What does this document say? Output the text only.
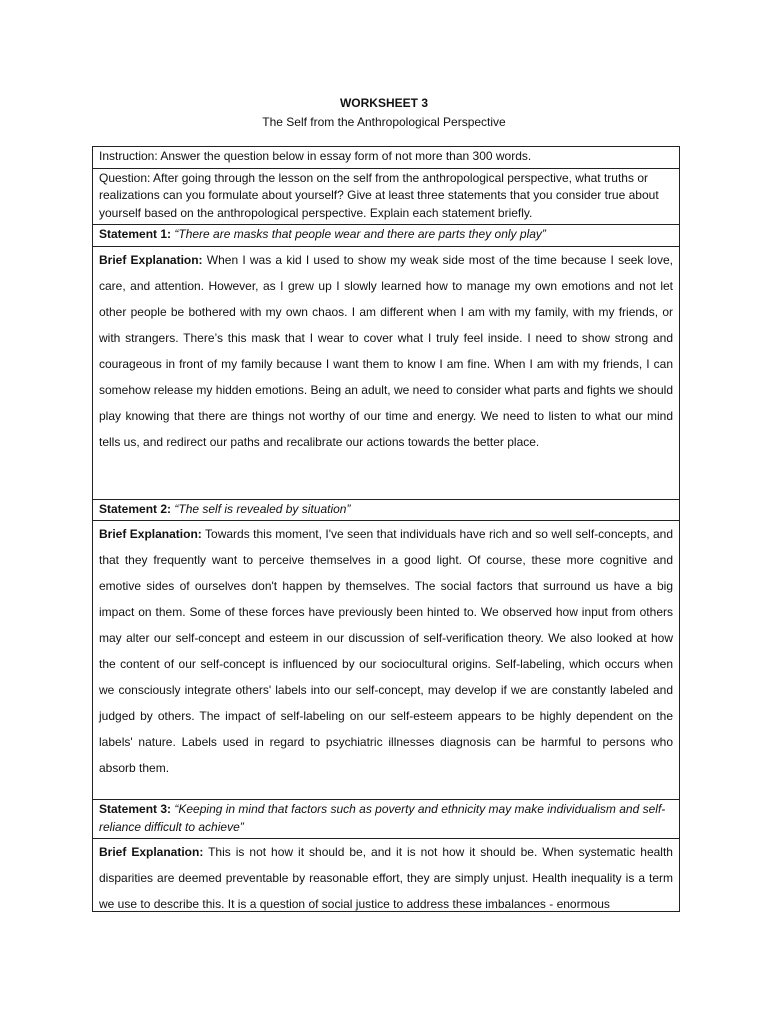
WORKSHEET 3
The Self from the Anthropological Perspective
Instruction: Answer the question below in essay form of not more than 300 words.
Question: After going through the lesson on the self from the anthropological perspective, what truths or realizations can you formulate about yourself? Give at least three statements that you consider true about yourself based on the anthropological perspective. Explain each statement briefly.
Statement 1: “There are masks that people wear and there are parts they only play”
Brief Explanation: When I was a kid I used to show my weak side most of the time because I seek love, care, and attention. However, as I grew up I slowly learned how to manage my own emotions and not let other people be bothered with my own chaos. I am different when I am with my family, with my friends, or with strangers. There’s this mask that I wear to cover what I truly feel inside. I need to show strong and courageous in front of my family because I want them to know I am fine. When I am with my friends, I can somehow release my hidden emotions. Being an adult, we need to consider what parts and fights we should play knowing that there are things not worthy of our time and energy. We need to listen to what our mind tells us, and redirect our paths and recalibrate our actions towards the better place.
Statement 2: “The self is revealed by situation”
Brief Explanation: Towards this moment, I've seen that individuals have rich and so well self-concepts, and that they frequently want to perceive themselves in a good light. Of course, these more cognitive and emotive sides of ourselves don't happen by themselves. The social factors that surround us have a big impact on them. Some of these forces have previously been hinted to. We observed how input from others may alter our self-concept and esteem in our discussion of self-verification theory. We also looked at how the content of our self-concept is influenced by our sociocultural origins. Self-labeling, which occurs when we consciously integrate others' labels into our self-concept, may develop if we are constantly labeled and judged by others. The impact of self-labeling on our self-esteem appears to be highly dependent on the labels' nature. Labels used in regard to psychiatric illnesses diagnosis can be harmful to persons who absorb them.
Statement 3: “Keeping in mind that factors such as poverty and ethnicity may make individualism and self-reliance difficult to achieve”
Brief Explanation: This is not how it should be, and it is not how it should be. When systematic health disparities are deemed preventable by reasonable effort, they are simply unjust. Health inequality is a term we use to describe this. It is a question of social justice to address these imbalances - enormous
